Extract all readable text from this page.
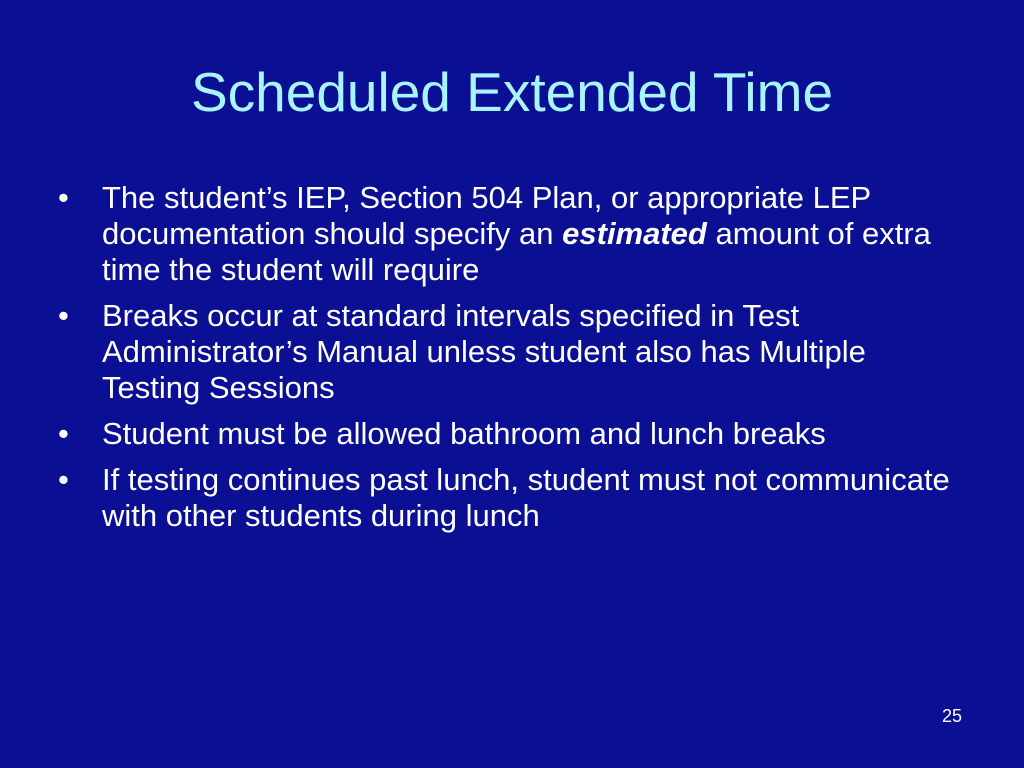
Scheduled Extended Time
•	The student’s IEP, Section 504 Plan, or appropriate LEP documentation should specify an estimated amount of extra time the student will require
•	Breaks occur at standard intervals specified in Test Administrator’s Manual unless student also has Multiple Testing Sessions
•	Student must be allowed bathroom and lunch breaks
•	If testing continues past lunch, student must not communicate with other students during lunch
25
